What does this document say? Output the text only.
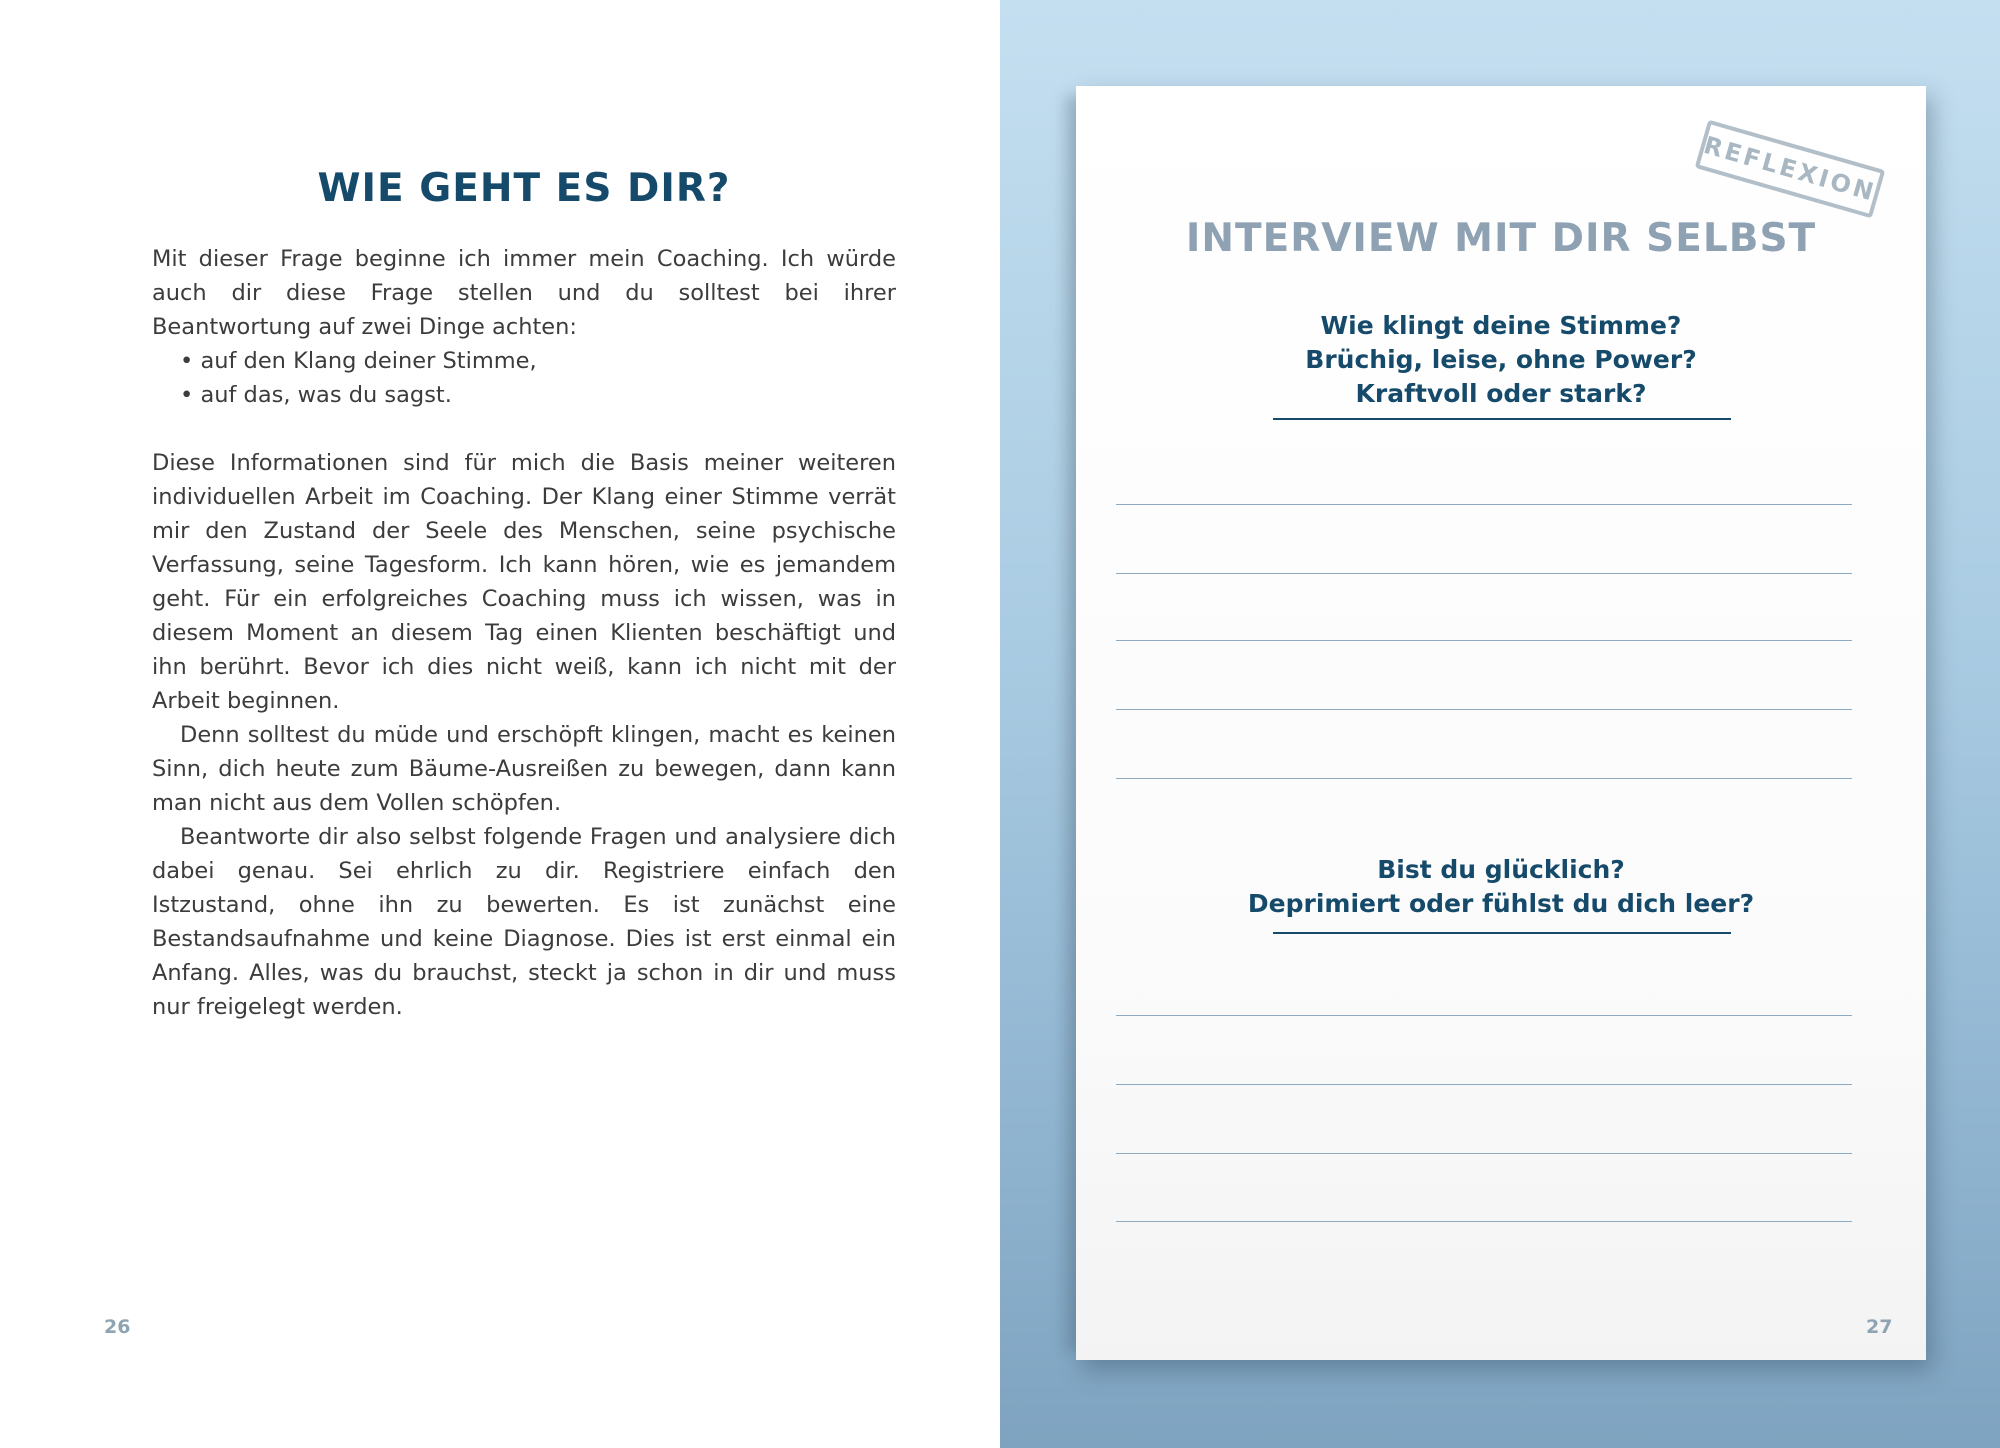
WIE GEHT ES DIR?

Mit dieser Frage beginne ich immer mein Coaching. Ich würde auch dir diese Frage stellen und du solltest bei ihrer Beantwortung auf zwei Dinge achten:

• auf den Klang deiner Stimme,
• auf das, was du sagst.

Diese Informationen sind für mich die Basis meiner weiteren individuellen Arbeit im Coaching. Der Klang einer Stimme verrät mir den Zustand der Seele des Menschen, seine psychische Verfassung, seine Tagesform. Ich kann hören, wie es jemandem geht. Für ein erfolgreiches Coaching muss ich wissen, was in diesem Moment an diesem Tag einen Klienten beschäftigt und ihn berührt. Bevor ich dies nicht weiß, kann ich nicht mit der Arbeit beginnen.

Denn solltest du müde und erschöpft klingen, macht es keinen Sinn, dich heute zum Bäume-Ausreißen zu bewegen, dann kann man nicht aus dem Vollen schöpfen.

Beantworte dir also selbst folgende Fragen und analysiere dich dabei genau. Sei ehrlich zu dir. Registriere einfach den Istzustand, ohne ihn zu bewerten. Es ist zunächst eine Bestandsaufnahme und keine Diagnose. Dies ist erst einmal ein Anfang. Alles, was du brauchst, steckt ja schon in dir und muss nur freigelegt werden.

26
REFLEXION
INTERVIEW MIT DIR SELBST
Wie klingt deine Stimme?
Brüchig, leise, ohne Power?
Kraftvoll oder stark?
Bist du glücklich?
Deprimiert oder fühlst du dich leer?
27
